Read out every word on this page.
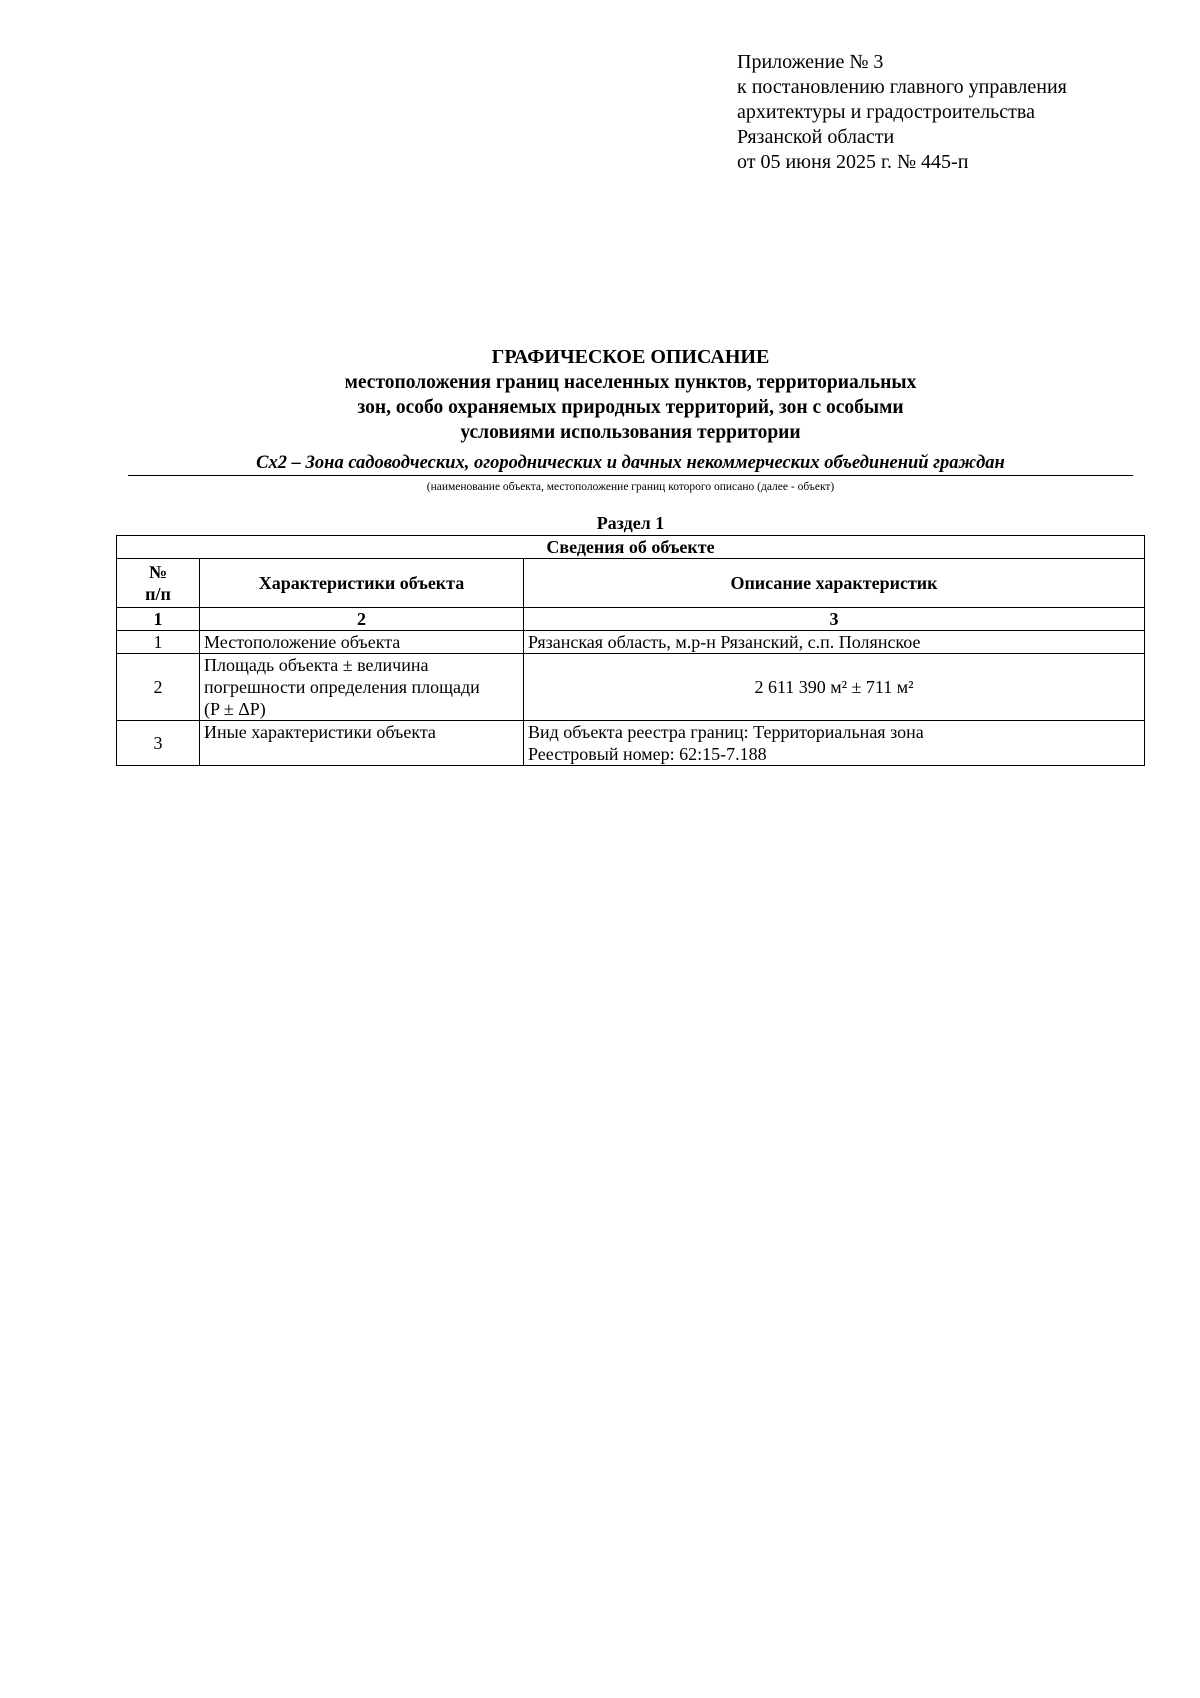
Приложение № 3
к постановлению главного управления
архитектуры и градостроительства
Рязанской области
от 05 июня 2025 г. № 445-п
ГРАФИЧЕСКОЕ ОПИСАНИЕ
местоположения границ населенных пунктов, территориальных
зон, особо охраняемых природных территорий, зон с особыми
условиями использования территории
Сх2 – Зона садоводческих, огороднических и дачных некоммерческих объединений граждан
(наименование объекта, местоположение границ которого описано (далее - объект)
Раздел 1
Сведения об объекте		
№
п/п	Характеристики объекта	Описание характеристик
1	2	3
1	Местоположение объекта	Рязанская область, м.р-н Рязанский, с.п. Полянское
2	Площадь объекта ± величина
погрешности определения площади
(P ± ΔP)	2 611 390 м² ± 711 м²
3	Иные характеристики объекта	Вид объекта реестра границ: Территориальная зона
Реестровый номер: 62:15-7.188
